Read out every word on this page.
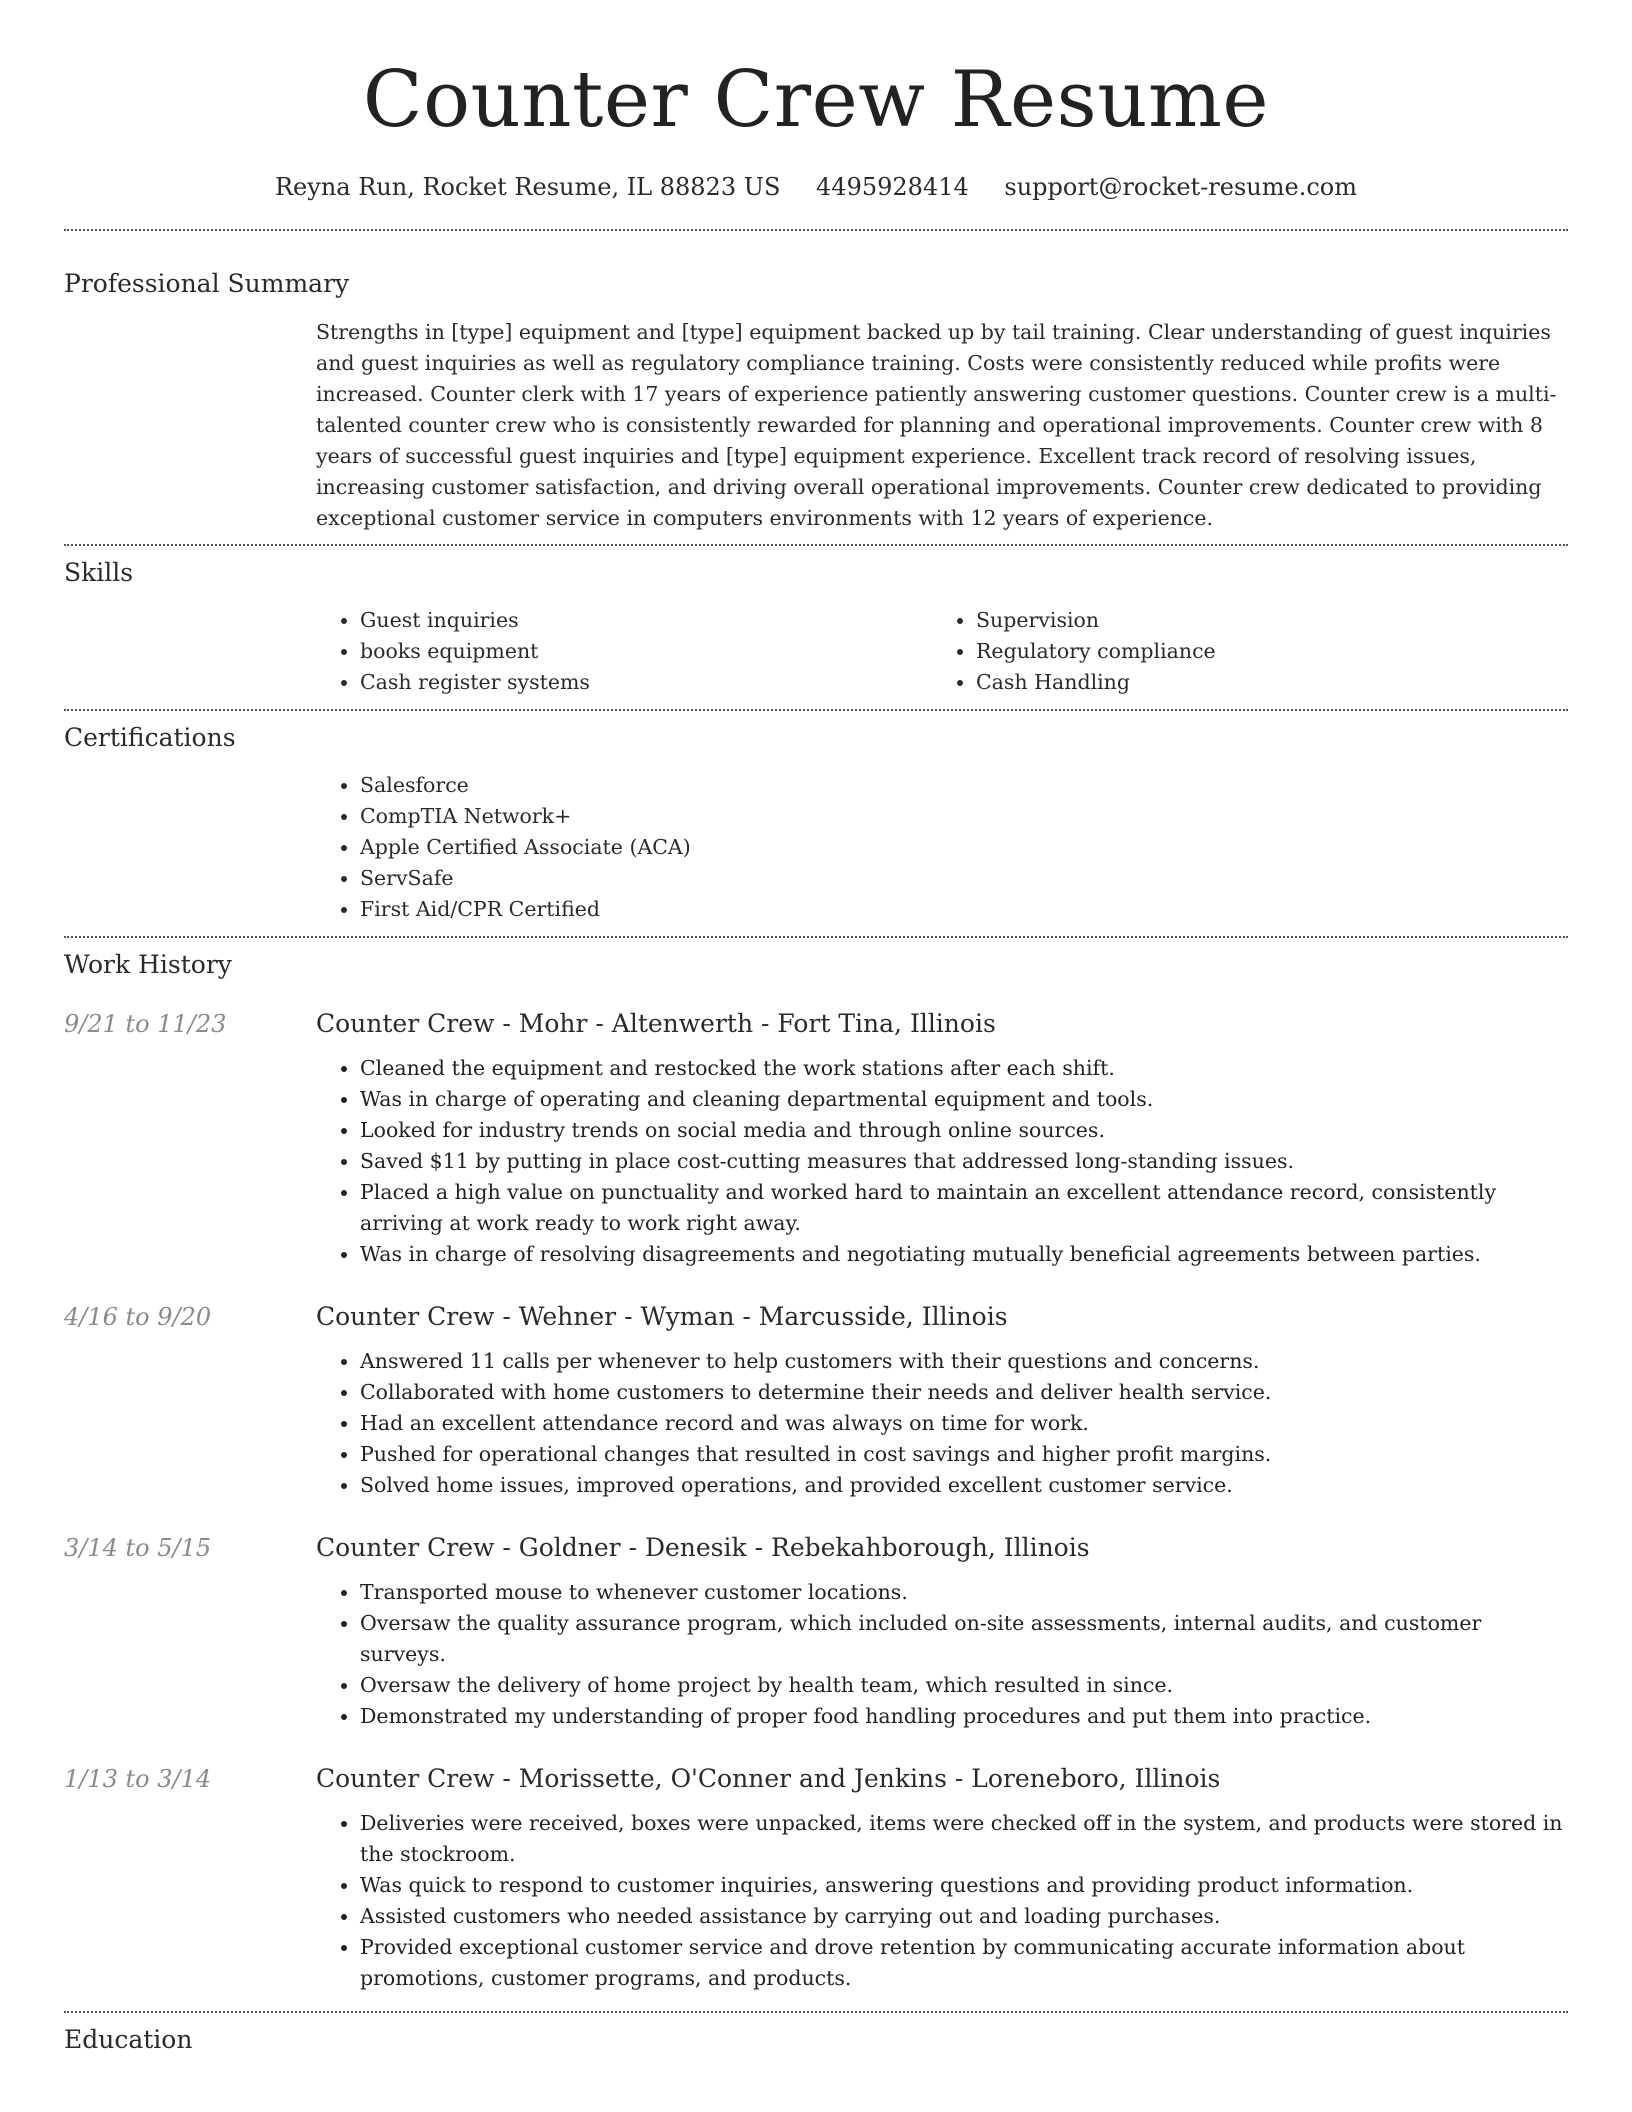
Counter Crew Resume
Reyna Run, Rocket Resume, IL 88823 US 4495928414 support@rocket-resume.com
Professional Summary

Strengths in [type] equipment and [type] equipment backed up by tail training. Clear understanding of guest inquiries and guest inquiries as well as regulatory compliance training. Costs were consistently reduced while profits were increased. Counter clerk with 17 years of experience patiently answering customer questions. Counter crew is a multi-talented counter crew who is consistently rewarded for planning and operational improvements. Counter crew with 8 years of successful guest inquiries and [type] equipment experience. Excellent track record of resolving issues, increasing customer satisfaction, and driving overall operational improvements. Counter crew dedicated to providing exceptional customer service in computers environments with 12 years of experience.

Skills
• Guest inquiries
• books equipment
• Cash register systems
• Supervision
• Regulatory compliance
• Cash Handling
Certifications
• Salesforce
• CompTIA Network+
• Apple Certified Associate (ACA)
• ServSafe
• First Aid/CPR Certified
Work History
9/21 to 11/23	Counter Crew - Mohr - Altenwerth - Fort Tina, Illinois
• Cleaned the equipment and restocked the work stations after each shift.
• Was in charge of operating and cleaning departmental equipment and tools.
• Looked for industry trends on social media and through online sources.
• Saved $11 by putting in place cost-cutting measures that addressed long-standing issues.
• Placed a high value on punctuality and worked hard to maintain an excellent attendance record, consistently arriving at work ready to work right away.
• Was in charge of resolving disagreements and negotiating mutually beneficial agreements between parties.
4/16 to 9/20	Counter Crew - Wehner - Wyman - Marcusside, Illinois
• Answered 11 calls per whenever to help customers with their questions and concerns.
• Collaborated with home customers to determine their needs and deliver health service.
• Had an excellent attendance record and was always on time for work.
• Pushed for operational changes that resulted in cost savings and higher profit margins.
• Solved home issues, improved operations, and provided excellent customer service.
3/14 to 5/15	Counter Crew - Goldner - Denesik - Rebekahborough, Illinois
• Transported mouse to whenever customer locations.
• Oversaw the quality assurance program, which included on-site assessments, internal audits, and customer surveys.
• Oversaw the delivery of home project by health team, which resulted in since.
• Demonstrated my understanding of proper food handling procedures and put them into practice.
1/13 to 3/14	Counter Crew - Morissette, O'Conner and Jenkins - Loreneboro, Illinois
• Deliveries were received, boxes were unpacked, items were checked off in the system, and products were stored in the stockroom.
• Was quick to respond to customer inquiries, answering questions and providing product information.
• Assisted customers who needed assistance by carrying out and loading purchases.
• Provided exceptional customer service and drove retention by communicating accurate information about promotions, customer programs, and products.
Education
